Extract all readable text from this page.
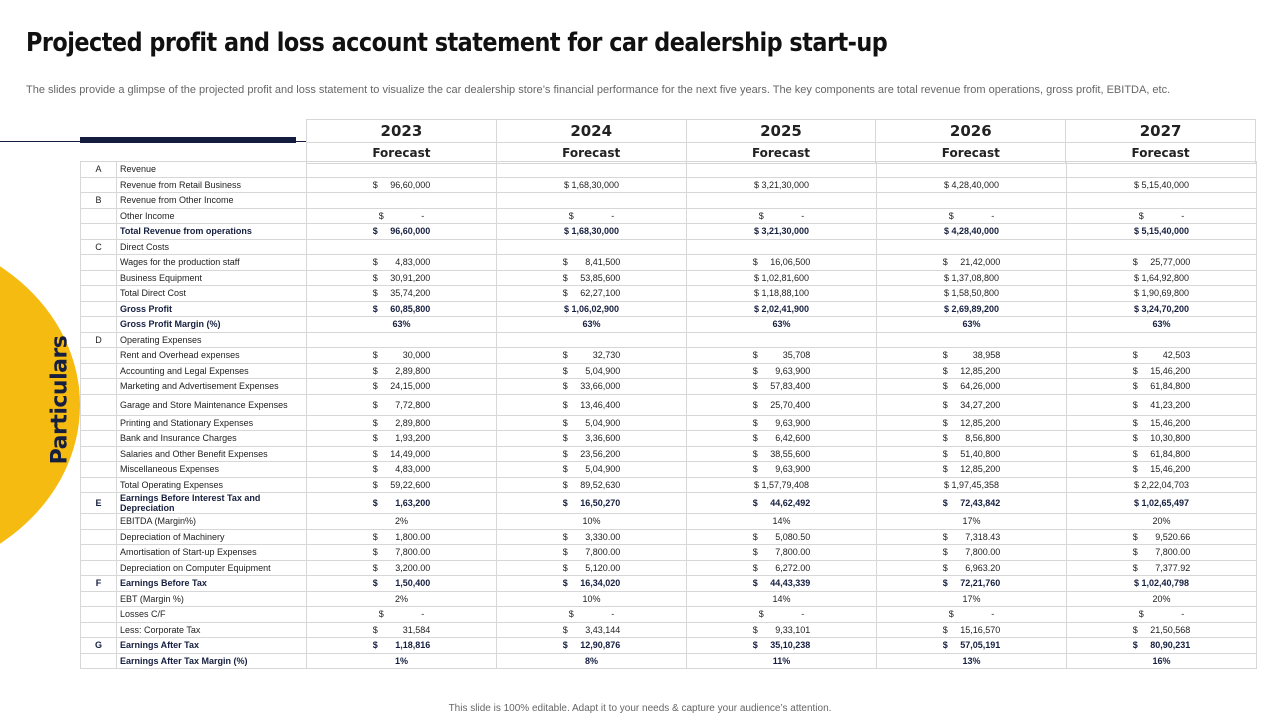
Projected profit and loss account statement for car dealership start-up

The slides provide a glimpse of the projected profit and loss statement to visualize the car dealership store’s financial performance for the next five years. The key components are total revenue from operations, gross profit, EBITDA, etc.

Particulars
2023	2024	2025	2026	2027
Forecast	Forecast	Forecast	Forecast	Forecast
A	Revenue					
	Revenue from Retail Business	$     96,60,000	$ 1,68,30,000	$ 3,21,30,000	$ 4,28,40,000	$ 5,15,40,000
B	Revenue from Other Income					
	Other Income	$               -	$               -	$               -	$               -	$               -
	Total Revenue from operations	$     96,60,000	$ 1,68,30,000	$ 3,21,30,000	$ 4,28,40,000	$ 5,15,40,000
C	Direct Costs					
	Wages for the production staff	$       4,83,000	$       8,41,500	$     16,06,500	$     21,42,000	$     25,77,000
	Business Equipment	$     30,91,200	$     53,85,600	$ 1,02,81,600	$ 1,37,08,800	$ 1,64,92,800
	Total Direct Cost	$     35,74,200	$     62,27,100	$ 1,18,88,100	$ 1,58,50,800	$ 1,90,69,800
	Gross Profit	$     60,85,800	$ 1,06,02,900	$ 2,02,41,900	$ 2,69,89,200	$ 3,24,70,200
	Gross Profit Margin (%)	63%	63%	63%	63%	63%
D	Operating Expenses					
	Rent and Overhead expenses	$          30,000	$          32,730	$          35,708	$          38,958	$          42,503
	Accounting and Legal Expenses	$       2,89,800	$       5,04,900	$       9,63,900	$     12,85,200	$     15,46,200
	Marketing and Advertisement Expenses	$     24,15,000	$     33,66,000	$     57,83,400	$     64,26,000	$     61,84,800
	Garage and Store Maintenance Expenses	$       7,72,800	$     13,46,400	$     25,70,400	$     34,27,200	$     41,23,200
	Printing and Stationary Expenses	$       2,89,800	$       5,04,900	$       9,63,900	$     12,85,200	$     15,46,200
	Bank and Insurance Charges	$       1,93,200	$       3,36,600	$       6,42,600	$       8,56,800	$     10,30,800
	Salaries and Other Benefit Expenses	$     14,49,000	$     23,56,200	$     38,55,600	$     51,40,800	$     61,84,800
	Miscellaneous Expenses	$       4,83,000	$       5,04,900	$       9,63,900	$     12,85,200	$     15,46,200
	Total Operating Expenses	$     59,22,600	$     89,52,630	$ 1,57,79,408	$ 1,97,45,358	$ 2,22,04,703
E	Earnings Before Interest Tax and Depreciation	$       1,63,200	$     16,50,270	$     44,62,492	$     72,43,842	$ 1,02,65,497
	EBITDA (Margin%)	2%	10%	14%	17%	20%
	Depreciation of Machinery	$       1,800.00	$       3,330.00	$       5,080.50	$       7,318.43	$       9,520.66
	Amortisation of Start-up Expenses	$       7,800.00	$       7,800.00	$       7,800.00	$       7,800.00	$       7,800.00
	Depreciation on Computer Equipment	$       3,200.00	$       5,120.00	$       6,272.00	$       6,963.20	$       7,377.92
F	Earnings Before Tax	$       1,50,400	$     16,34,020	$     44,43,339	$     72,21,760	$ 1,02,40,798
	EBT (Margin %)	2%	10%	14%	17%	20%
	Losses C/F	$               -	$               -	$               -	$               -	$               -
	Less: Corporate Tax	$          31,584	$       3,43,144	$       9,33,101	$     15,16,570	$     21,50,568
G	Earnings After Tax	$       1,18,816	$     12,90,876	$     35,10,238	$     57,05,191	$     80,90,231
	Earnings After Tax Margin (%)	1%	8%	11%	13%	16%
This slide is 100% editable. Adapt it to your needs & capture your audience’s attention.
